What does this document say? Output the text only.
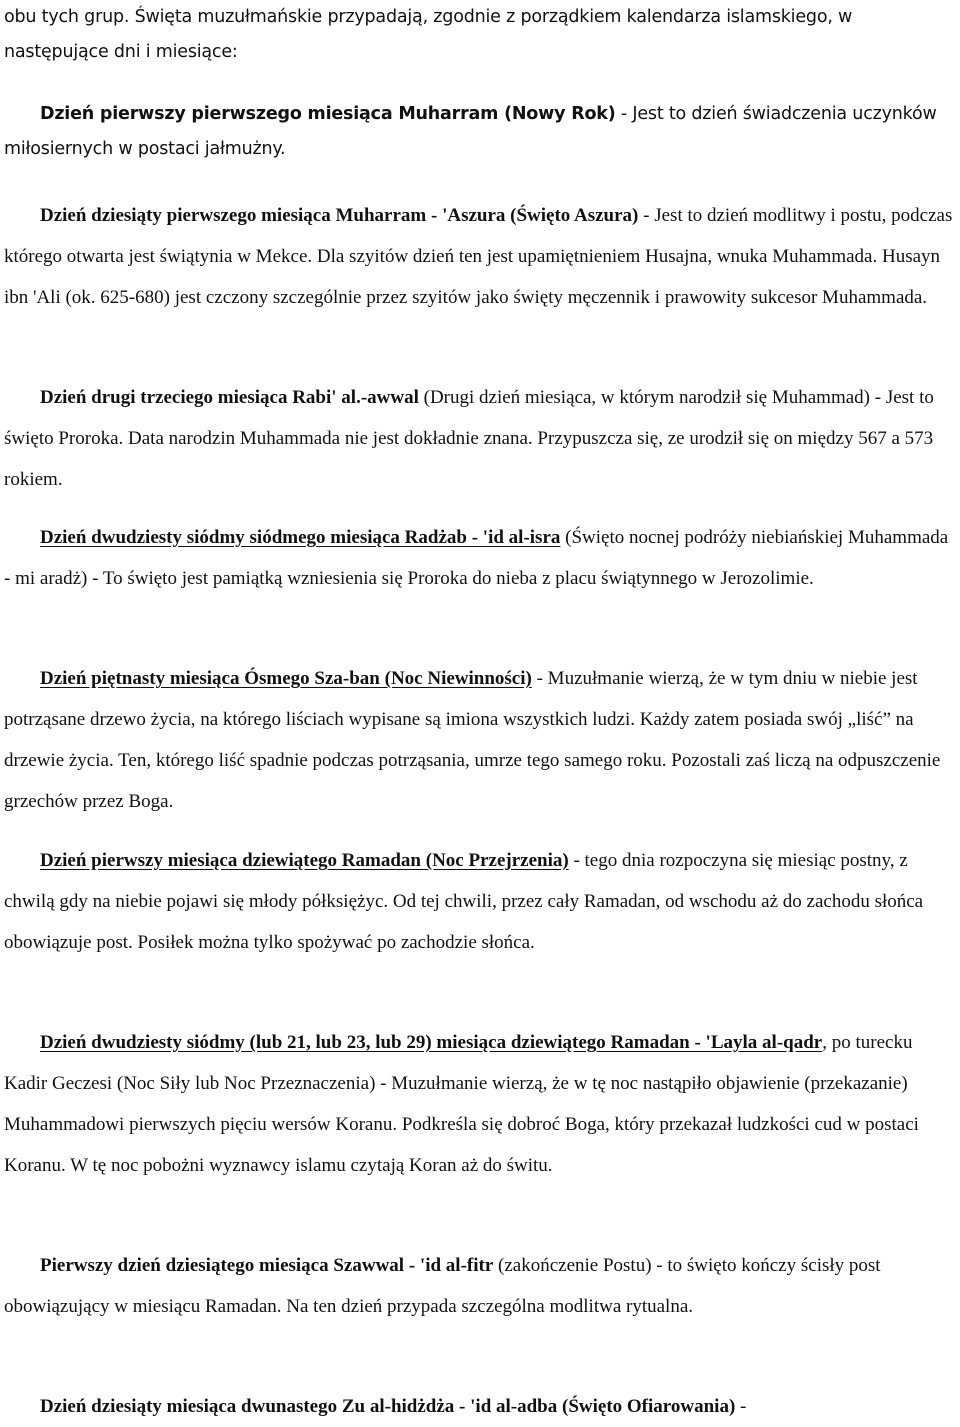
obu tych grup. Święta muzułmańskie przypadają, zgodnie z porządkiem kalendarza islamskiego, w następujące dni i miesiące:

Dzień pierwszy pierwszego miesiąca Muharram (Nowy Rok) - Jest to dzień świadczenia uczynków miłosiernych w postaci jałmużny.

Dzień dziesiąty pierwszego miesiąca Muharram - 'Aszura (Święto Aszura) - Jest to dzień modlitwy i postu, podczas którego otwarta jest świątynia w Mekce. Dla szyitów dzień ten jest upamiętnieniem Husajna, wnuka Muhammada. Husayn ibn 'Ali (ok. 625-680) jest czczony szczególnie przez szyitów jako święty męczennik i prawowity sukcesor Muhammada.

Dzień drugi trzeciego miesiąca Rabi' al.-awwal (Drugi dzień miesiąca, w którym narodził się Muhammad) - Jest to święto Proroka. Data narodzin Muhammada nie jest dokładnie znana. Przypuszcza się, ze urodził się on między 567 a 573 rokiem.

Dzień dwudziesty siódmy siódmego miesiąca Radżab - 'id al-isra (Święto nocnej podróży niebiańskiej Muhammada - mi aradż) - To święto jest pamiątką wzniesienia się Proroka do nieba z placu świątynnego w Jerozolimie.

Dzień piętnasty miesiąca Ósmego Sza-ban (Noc Niewinności) - Muzułmanie wierzą, że w tym dniu w niebie jest potrząsane drzewo życia, na którego liściach wypisane są imiona wszystkich ludzi. Każdy zatem posiada swój „liść” na drzewie życia. Ten, którego liść spadnie podczas potrząsania, umrze tego samego roku. Pozostali zaś liczą na odpuszczenie grzechów przez Boga.

Dzień pierwszy miesiąca dziewiątego Ramadan (Noc Przejrzenia) - tego dnia rozpoczyna się miesiąc postny, z chwilą gdy na niebie pojawi się młody półksiężyc. Od tej chwili, przez cały Ramadan, od wschodu aż do zachodu słońca obowiązuje post. Posiłek można tylko spożywać po zachodzie słońca.

Dzień dwudziesty siódmy (lub 21, lub 23, lub 29) miesiąca dziewiątego Ramadan - 'Layla al-qadr, po turecku Kadir Geczesi (Noc Siły lub Noc Przeznaczenia) - Muzułmanie wierzą, że w tę noc nastąpiło objawienie (przekazanie) Muhammadowi pierwszych pięciu wersów Koranu. Podkreśla się dobroć Boga, który przekazał ludzkości cud w postaci Koranu. W tę noc pobożni wyznawcy islamu czytają Koran aż do świtu.

Pierwszy dzień dziesiątego miesiąca Szawwal - 'id al-fitr (zakończenie Postu) - to święto kończy ścisły post obowiązujący w miesiącu Ramadan. Na ten dzień przypada szczególna modlitwa rytualna.

Dzień dziesiąty miesiąca dwunastego Zu al-hidżdża - 'id al-adba (Święto Ofiarowania) -
